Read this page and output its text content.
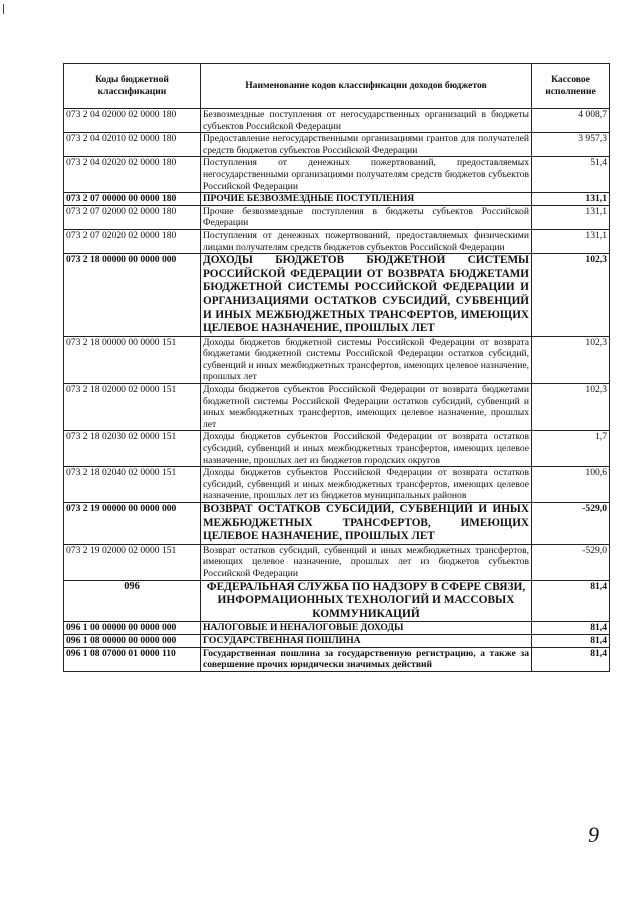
Коды бюджетной классификации	Наименование кодов классификации доходов бюджетов	Кассовое исполнение
073 2 04 02000 02 0000 180	Безвозмездные поступления от негосударственных организаций в бюджеты субъектов Российской Федерации	4 008,7
073 2 04 02010 02 0000 180	Предоставление негосударственными организациями грантов для получателей средств бюджетов субъектов Российской Федерации	3 957,3
073 2 04 02020 02 0000 180	Поступления от денежных пожертвований, предоставляемых негосударственными организациями получателям средств бюджетов субъектов Российской Федерации	51,4
073 2 07 00000 00 0000 180	ПРОЧИЕ БЕЗВОЗМЕЗДНЫЕ ПОСТУПЛЕНИЯ	131,1
073 2 07 02000 02 0000 180	Прочие безвозмездные поступления в бюджеты субъектов Российской Федерации	131,1
073 2 07 02020 02 0000 180	Поступления от денежных пожертвований, предоставляемых физическими лицами получателям средств бюджетов субъектов Российской Федерации	131,1
073 2 18 00000 00 0000 000	ДОХОДЫ БЮДЖЕТОВ БЮДЖЕТНОЙ СИСТЕМЫ РОССИЙСКОЙ ФЕДЕРАЦИИ ОТ ВОЗВРАТА БЮДЖЕТАМИ БЮДЖЕТНОЙ СИСТЕМЫ РОССИЙСКОЙ ФЕДЕРАЦИИ И ОРГАНИЗАЦИЯМИ ОСТАТКОВ СУБСИДИЙ, СУБВЕНЦИЙ И ИНЫХ МЕЖБЮДЖЕТНЫХ ТРАНСФЕРТОВ, ИМЕЮЩИХ ЦЕЛЕВОЕ НАЗНАЧЕНИЕ, ПРОШЛЫХ ЛЕТ	102,3
073 2 18 00000 00 0000 151	Доходы бюджетов бюджетной системы Российской Федерации от возврата бюджетами бюджетной системы Российской Федерации остатков субсидий, субвенций и иных межбюджетных трансфертов, имеющих целевое назначение, прошлых лет	102,3
073 2 18 02000 02 0000 151	Доходы бюджетов субъектов Российской Федерации от возврата бюджетами бюджетной системы Российской Федерации остатков субсидий, субвенций и иных межбюджетных трансфертов, имеющих целевое назначение, прошлых лет	102,3
073 2 18 02030 02 0000 151	Доходы бюджетов субъектов Российской Федерации от возврата остатков субсидий, субвенций и иных межбюджетных трансфертов, имеющих целевое назначение, прошлых лет из бюджетов городских округов	1,7
073 2 18 02040 02 0000 151	Доходы бюджетов субъектов Российской Федерации от возврата остатков субсидий, субвенций и иных межбюджетных трансфертов, имеющих целевое назначение, прошлых лет из бюджетов муниципальных районов	100,6
073 2 19 00000 00 0000 000	ВОЗВРАТ ОСТАТКОВ СУБСИДИЙ, СУБВЕНЦИЙ И ИНЫХ МЕЖБЮДЖЕТНЫХ ТРАНСФЕРТОВ, ИМЕЮЩИХ ЦЕЛЕВОЕ НАЗНАЧЕНИЕ, ПРОШЛЫХ ЛЕТ	-529,0
073 2 19 02000 02 0000 151	Возврат остатков субсидий, субвенций и иных межбюджетных трансфертов, имеющих целевое назначение, прошлых лет из бюджетов субъектов Российской Федерации	-529,0
096	ФЕДЕРАЛЬНАЯ СЛУЖБА ПО НАДЗОРУ В СФЕРЕ СВЯЗИ, ИНФОРМАЦИОННЫХ ТЕХНОЛОГИЙ И МАССОВЫХ КОММУНИКАЦИЙ	81,4
096 1 00 00000 00 0000 000	НАЛОГОВЫЕ И НЕНАЛОГОВЫЕ ДОХОДЫ	81,4
096 1 08 00000 00 0000 000	ГОСУДАРСТВЕННАЯ ПОШЛИНА	81,4
096 1 08 07000 01 0000 110	Государственная пошлина за государственную регистрацию, а также за совершение прочих юридически значимых действий	81,4
9
